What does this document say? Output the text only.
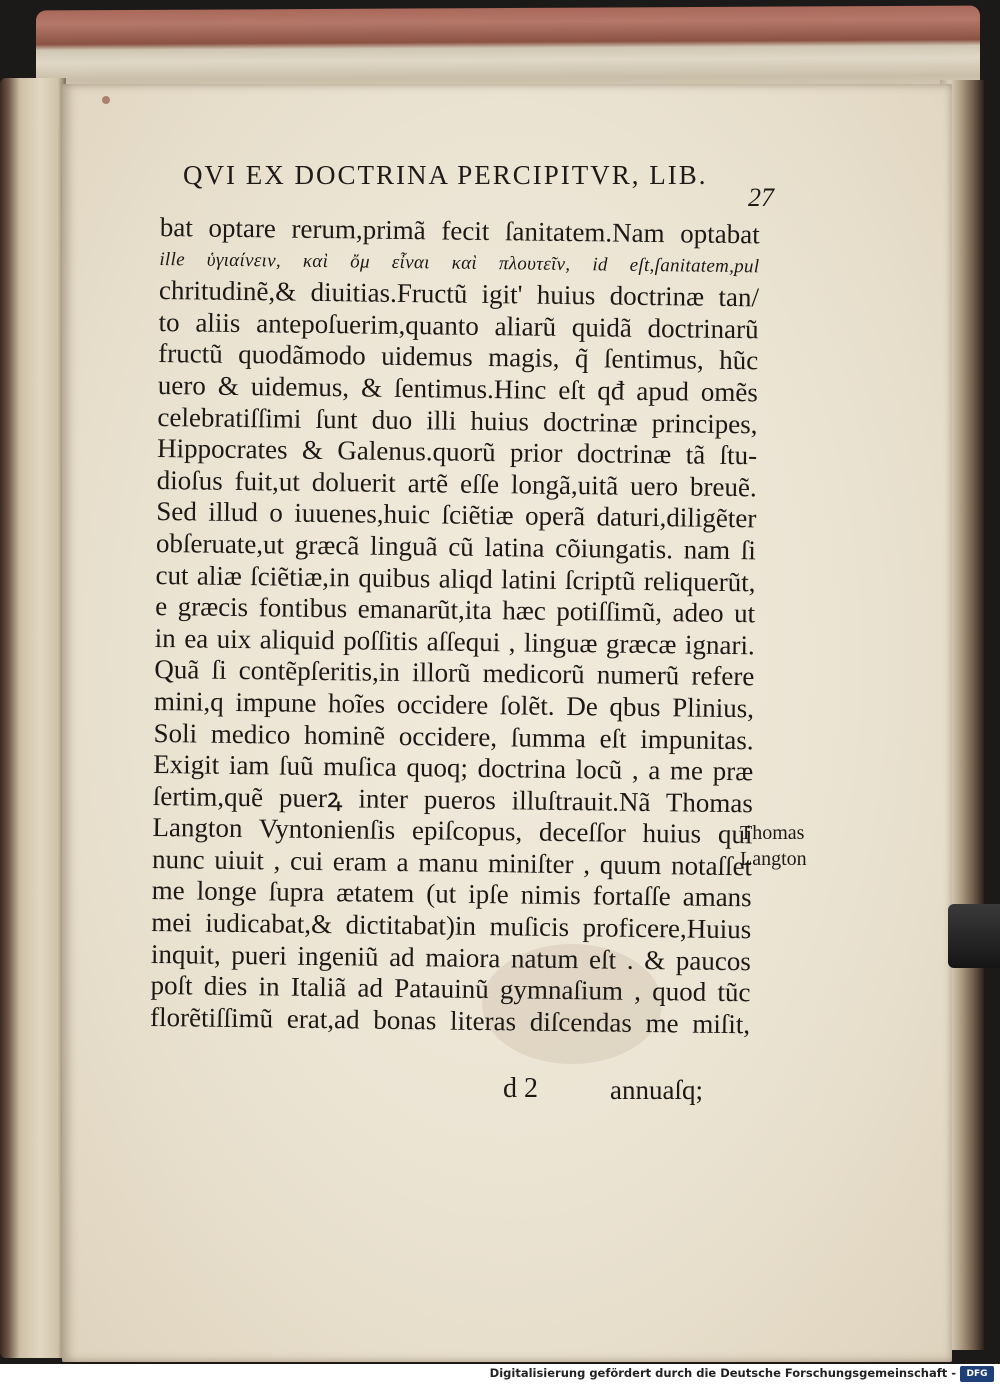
QVI EX DOCTRINA PERCIPITVR, LIB.
27
bat optare rerum,primã fecit ſanitatem.Nam optabat
ille ὑγιαίνειν, καὶ ὄμ εἶναι καὶ πλουτεῖν, id eſt,ſanitatem,pul
chritudinẽ,& diuitias.Fructũ igit' huius doctrinæ tan/
to aliis antepoſuerim,quanto aliarũ quidã doctrinarũ
fructũ quodãmodo uidemus magis, q̃ ſentimus, hũc
uero & uidemus, & ſentimus.Hinc eſt qđ apud omẽs
celebratiſſimi ſunt duo illi huius doctrinæ principes,
Hippocrates & Galenus.quorũ prior doctrinæ tã ſtu-
dioſus fuit,ut doluerit artẽ eſſe longã,uitã uero breuẽ.
Sed illud o iuuenes,huic ſciẽtiæ operã daturi,diligẽter
obſeruate,ut græcã linguã cũ latina cõiungatis. nam ſi
cut aliæ ſciẽtiæ,in quibus aliqd latini ſcriptũ reliquerũt,
e græcis fontibus emanarũt,ita hæc potiſſimũ, adeo ut
in ea uix aliquid poſſitis aſſequi , linguæ græcæ ignari.
Quã ſi contẽpſeritis,in illorũ medicorũ numerũ refere
mini,q impune hoĩes occidere ſolẽt. De qbus Plinius,
Soli medico hominẽ occidere, ſumma eſt impunitas.
Exigit iam ſuũ muſica quoq; doctrina locũ , a me præ
ſertim,quẽ puerꝝ inter pueros illuſtrauit.Nã Thomas
Langton Vyntonienſis epiſcopus, deceſſor huius qui
nunc uiuit , cui eram a manu miniſter , quum notaſſet
me longe ſupra ætatem (ut ipſe nimis fortaſſe amans
mei iudicabat,& dictitabat)in muſicis proficere,Huius
inquit, pueri ingeniũ ad maiora natum eſt . & paucos
poſt dies in Italiã ad Patauinũ gymnaſium , quod tũc
florẽtiſſimũ erat,ad bonas literas diſcendas me miſit,
Thomas
Langton
d 2	annuaſq;
Digitalisierung gefördert durch die Deutsche Forschungsgemeinschaft -	DFG
